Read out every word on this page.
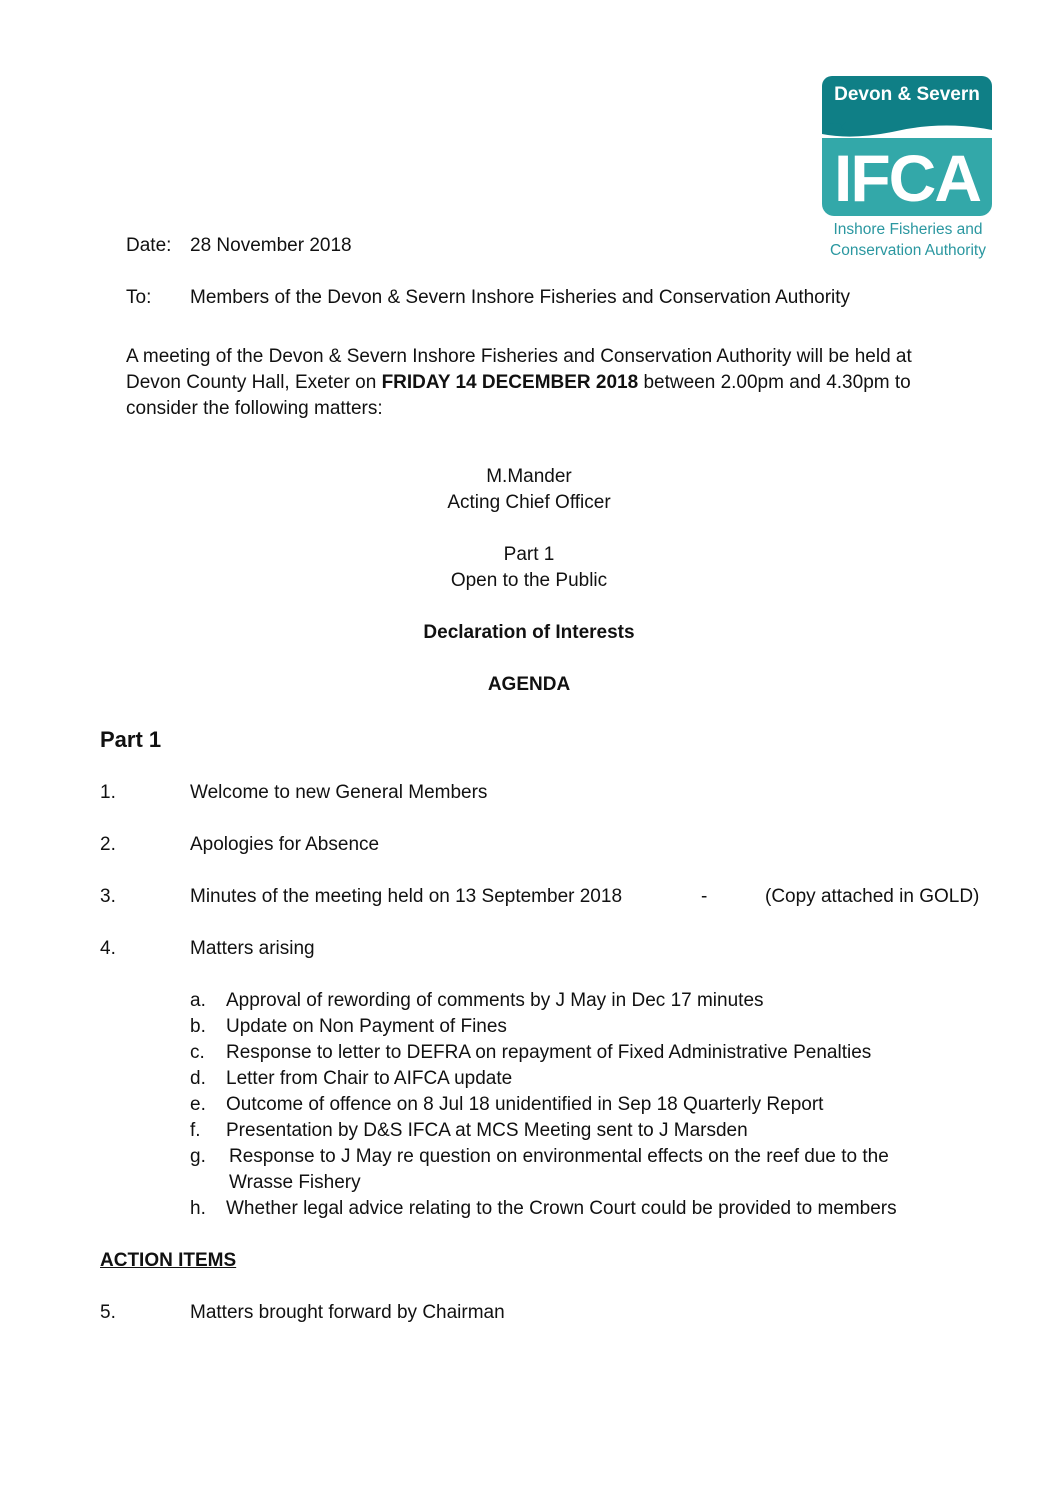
Devon & Severn
IFCA
Inshore Fisheries and
Conservation Authority
Date: 28 November 2018
To: Members of the Devon & Severn Inshore Fisheries and Conservation Authority
A meeting of the Devon & Severn Inshore Fisheries and Conservation Authority will be held at Devon County Hall, Exeter on FRIDAY 14 DECEMBER 2018 between 2.00pm and 4.30pm to consider the following matters:
M.Mander
Acting Chief Officer
Part 1
Open to the Public
Declaration of Interests
AGENDA
Part 1
1.	Welcome to new General Members
2.	Apologies for Absence
3.	Minutes of the meeting held on 13 September 2018	-	(Copy attached in GOLD)
4.	Matters arising
a. Approval of rewording of comments by J May in Dec 17 minutes
b. Update on Non Payment of Fines
c. Response to letter to DEFRA on repayment of Fixed Administrative Penalties
d. Letter from Chair to AIFCA update
e. Outcome of offence on 8 Jul 18 unidentified in Sep 18 Quarterly Report
f. Presentation by D&S IFCA at MCS Meeting sent to J Marsden
g. Response to J May re question on environmental effects on the reef due to the
Wrasse Fishery
h. Whether legal advice relating to the Crown Court could be provided to members
ACTION ITEMS
5.	Matters brought forward by Chairman
